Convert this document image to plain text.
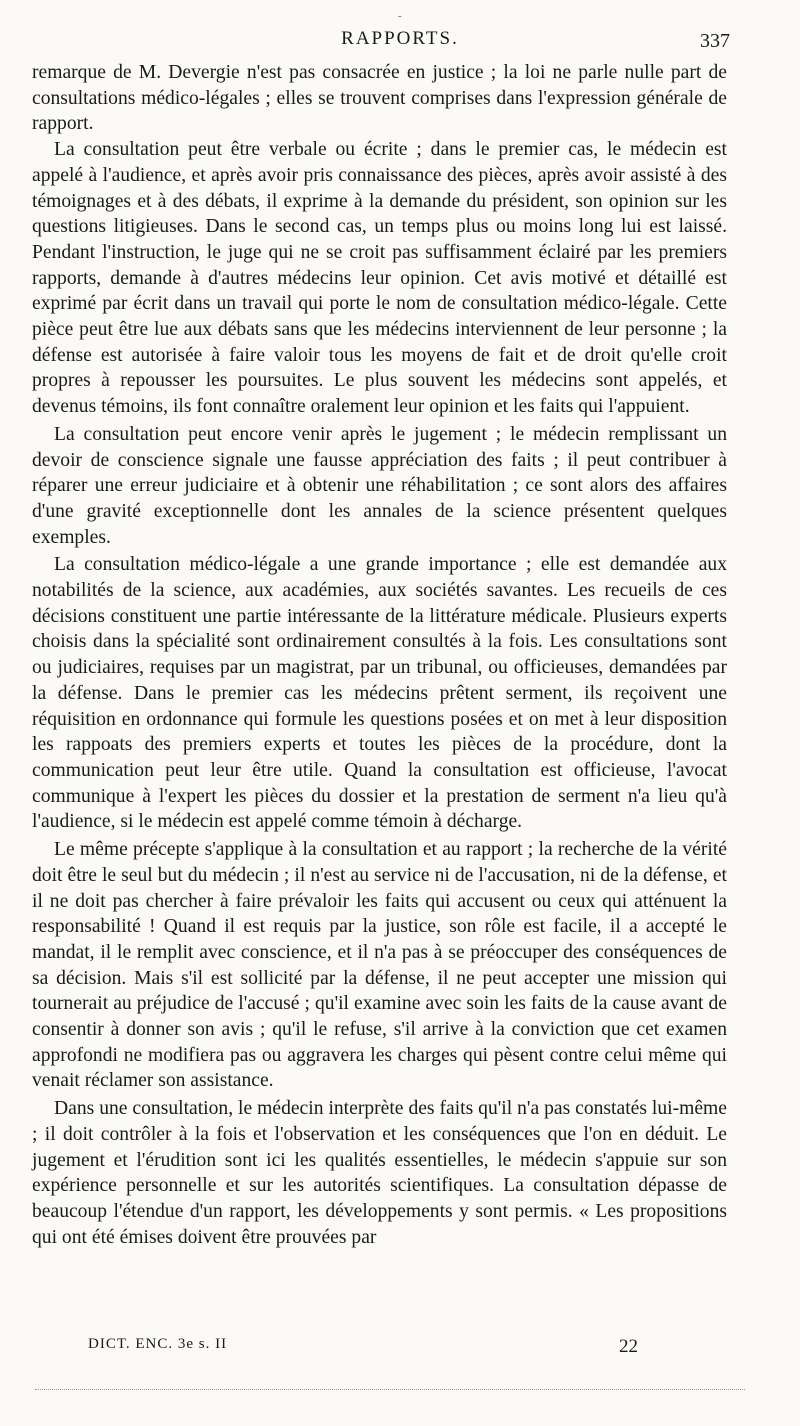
-
RAPPORTS.	337

remarque de M. Devergie n'est pas consacrée en justice ; la loi ne parle nulle part de consultations médico-légales ; elles se trouvent comprises dans l'expression générale de rapport.

La consultation peut être verbale ou écrite ; dans le premier cas, le médecin est appelé à l'audience, et après avoir pris connaissance des pièces, après avoir assisté à des témoignages et à des débats, il exprime à la demande du président, son opinion sur les questions litigieuses. Dans le second cas, un temps plus ou moins long lui est laissé. Pendant l'instruction, le juge qui ne se croit pas suffisamment éclairé par les premiers rapports, demande à d'autres médecins leur opinion. Cet avis motivé et détaillé est exprimé par écrit dans un travail qui porte le nom de consultation médico-légale. Cette pièce peut être lue aux débats sans que les médecins interviennent de leur personne ; la défense est autorisée à faire valoir tous les moyens de fait et de droit qu'elle croit propres à repousser les poursuites. Le plus souvent les médecins sont appelés, et devenus témoins, ils font connaître oralement leur opinion et les faits qui l'appuient.

La consultation peut encore venir après le jugement ; le médecin remplissant un devoir de conscience signale une fausse appréciation des faits ; il peut contribuer à réparer une erreur judiciaire et à obtenir une réhabilitation ; ce sont alors des affaires d'une gravité exceptionnelle dont les annales de la science présentent quelques exemples.

La consultation médico-légale a une grande importance ; elle est demandée aux notabilités de la science, aux académies, aux sociétés savantes. Les recueils de ces décisions constituent une partie intéressante de la littérature médicale. Plusieurs experts choisis dans la spécialité sont ordinairement consultés à la fois. Les consultations sont ou judiciaires, requises par un magistrat, par un tribunal, ou officieuses, demandées par la défense. Dans le premier cas les médecins prêtent serment, ils reçoivent une réquisition en ordonnance qui formule les questions posées et on met à leur disposition les rappoats des premiers experts et toutes les pièces de la procédure, dont la communication peut leur être utile. Quand la consultation est officieuse, l'avocat communique à l'expert les pièces du dossier et la prestation de serment n'a lieu qu'à l'audience, si le médecin est appelé comme témoin à décharge.

Le même précepte s'applique à la consultation et au rapport ; la recherche de la vérité doit être le seul but du médecin ; il n'est au service ni de l'accusation, ni de la défense, et il ne doit pas chercher à faire prévaloir les faits qui accusent ou ceux qui atténuent la responsabilité ! Quand il est requis par la justice, son rôle est facile, il a accepté le mandat, il le remplit avec conscience, et il n'a pas à se préoccuper des conséquences de sa décision. Mais s'il est sollicité par la défense, il ne peut accepter une mission qui tournerait au préjudice de l'accusé ; qu'il examine avec soin les faits de la cause avant de consentir à donner son avis ; qu'il le refuse, s'il arrive à la conviction que cet examen approfondi ne modifiera pas ou aggravera les charges qui pèsent contre celui même qui venait réclamer son assistance.

Dans une consultation, le médecin interprète des faits qu'il n'a pas constatés lui-même ; il doit contrôler à la fois et l'observation et les conséquences que l'on en déduit. Le jugement et l'érudition sont ici les qualités essentielles, le médecin s'appuie sur son expérience personnelle et sur les autorités scientifiques. La consultation dépasse de beaucoup l'étendue d'un rapport, les développements y sont permis. « Les propositions qui ont été émises doivent être prouvées par

DICT. ENC. 3e s. II	22
